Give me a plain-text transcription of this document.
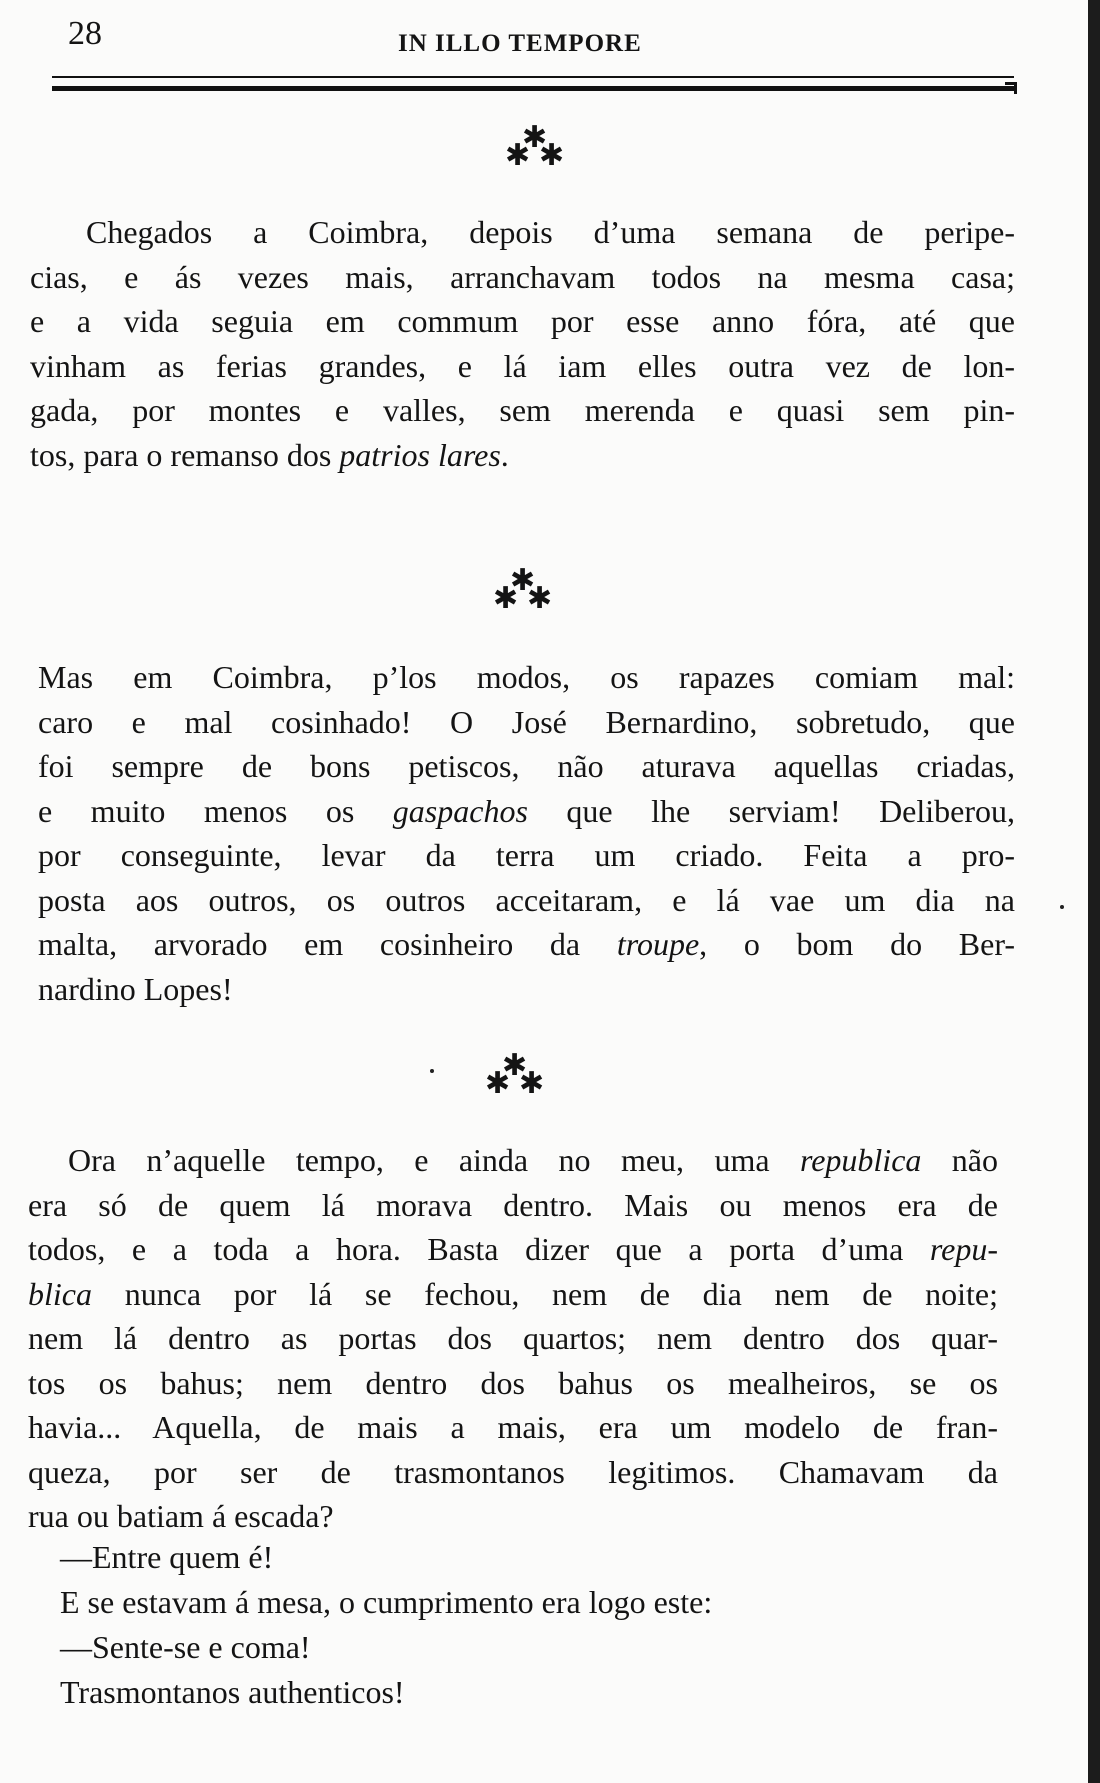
28	IN ILLO TEMPORE
✱
✱ ✱
Chegados a Coimbra, depois d’uma semana de peripe-
cias, e ás vezes mais, arranchavam todos na mesma casa;
e a vida seguia em commum por esse anno fóra, até que
vinham as ferias grandes, e lá iam elles outra vez de lon-
gada, por montes e valles, sem merenda e quasi sem pin-
tos, para o remanso dos patrios lares.
✱
✱ ✱
Mas em Coimbra, p’los modos, os rapazes comiam mal:
caro e mal cosinhado! O José Bernardino, sobretudo, que
foi sempre de bons petiscos, não aturava aquellas criadas,
e muito menos os gaspachos que lhe serviam! Deliberou,
por conseguinte, levar da terra um criado. Feita a pro-
posta aos outros, os outros acceitaram, e lá vae um dia na
malta, arvorado em cosinheiro da troupe, o bom do Ber-
nardino Lopes!
✱
✱ ✱
Ora n’aquelle tempo, e ainda no meu, uma republica não
era só de quem lá morava dentro. Mais ou menos era de
todos, e a toda a hora. Basta dizer que a porta d’uma repu-
blica nunca por lá se fechou, nem de dia nem de noite;
nem lá dentro as portas dos quartos; nem dentro dos quar-
tos os bahus; nem dentro dos bahus os mealheiros, se os
havia... Aquella, de mais a mais, era um modelo de fran-
queza, por ser de trasmontanos legitimos. Chamavam da
rua ou batiam á escada?
—Entre quem é!
E se estavam á mesa, o cumprimento era logo este:
—Sente-se e coma!
Trasmontanos authenticos!
